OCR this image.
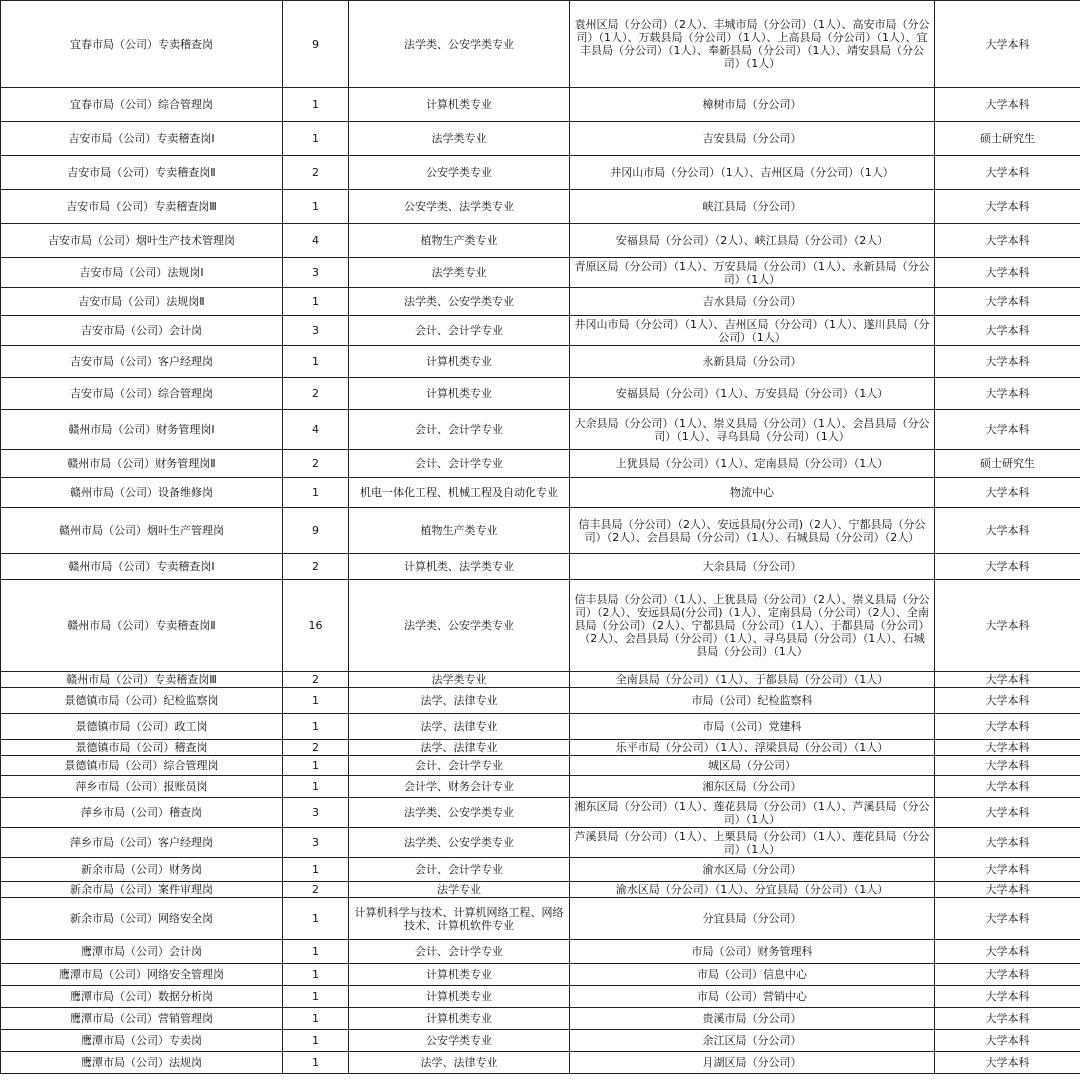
宜春市局（公司）专卖稽查岗	9	法学类、公安学类专业	袁州区局（分公司）（2人）、丰城市局（分公司）（1人）、高安市局（分公司）（1人）、万载县局（分公司）（1人）、上高县局（分公司）（1人）、宜丰县局（分公司）（1人）、奉新县局（分公司）（1人）、靖安县局（分公司）（1人）	大学本科
宜春市局（公司）综合管理岗	1	计算机类专业	樟树市局（分公司）	大学本科
吉安市局（公司）专卖稽查岗Ⅰ	1	法学类专业	吉安县局（分公司）	硕士研究生
吉安市局（公司）专卖稽查岗Ⅱ	2	公安学类专业	井冈山市局（分公司）（1人）、吉州区局（分公司）（1人）	大学本科
吉安市局（公司）专卖稽查岗Ⅲ	1	公安学类、法学类专业	峡江县局（分公司）	大学本科
吉安市局（公司）烟叶生产技术管理岗	4	植物生产类专业	安福县局（分公司）（2人）、峡江县局（分公司）（2人）	大学本科
吉安市局（公司）法规岗Ⅰ	3	法学类专业	青原区局（分公司）（1人）、万安县局（分公司）（1人）、永新县局（分公司）（1人）	大学本科
吉安市局（公司）法规岗Ⅱ	1	法学类、公安学类专业	吉水县局（分公司）	大学本科
吉安市局（公司）会计岗	3	会计、会计学专业	井冈山市局（分公司）（1人）、吉州区局（分公司）（1人）、遂川县局（分公司）（1人）	大学本科
吉安市局（公司）客户经理岗	1	计算机类专业	永新县局（分公司）	大学本科
吉安市局（公司）综合管理岗	2	计算机类专业	安福县局（分公司）（1人）、万安县局（分公司）（1人）	大学本科
赣州市局（公司）财务管理岗Ⅰ	4	会计、会计学专业	大余县局（分公司）（1人）、崇义县局（分公司）（1人）、会昌县局（分公司）（1人）、寻乌县局（分公司）（1人）	大学本科
赣州市局（公司）财务管理岗Ⅱ	2	会计、会计学专业	上犹县局（分公司）（1人）、定南县局（分公司）（1人）	硕士研究生
赣州市局（公司）设备维修岗	1	机电一体化工程、机械工程及自动化专业	物流中心	大学本科
赣州市局（公司）烟叶生产管理岗	9	植物生产类专业	信丰县局（分公司）（2人）、安远县局(分公司)（2人）、宁都县局（分公司）（2人）、会昌县局（分公司）（1人）、石城县局（分公司）（2人）	大学本科
赣州市局（公司）专卖稽查岗Ⅰ	2	计算机类、法学类专业	大余县局（分公司）	大学本科
赣州市局（公司）专卖稽查岗Ⅱ	16	法学类、公安学类专业	信丰县局（分公司）（1人）、上犹县局（分公司）（2人）、崇义县局（分公司）（2人）、安远县局(分公司)（1人）、定南县局（分公司）（2人）、全南县局（分公司）（2人）、宁都县局（分公司）（1人）、于都县局（分公司）（2人）、会昌县局（分公司）（1人）、寻乌县局（分公司）（1人）、石城县局（分公司）（1人）	大学本科
赣州市局（公司）专卖稽查岗Ⅲ	2	法学类专业	全南县局（分公司）（1人）、于都县局（分公司）（1人）	大学本科
景德镇市局（公司）纪检监察岗	1	法学、法律专业	市局（公司）纪检监察科	大学本科
景德镇市局（公司）政工岗	1	法学、法律专业	市局（公司）党建科	大学本科
景德镇市局（公司）稽查岗	2	法学、法律专业	乐平市局（分公司）（1人）、浮梁县局（分公司）（1人）	大学本科
景德镇市局（公司）综合管理岗	1	会计、会计学专业	城区局（分公司）	大学本科
萍乡市局（公司）报账员岗	1	会计学、财务会计专业	湘东区局（分公司）	大学本科
萍乡市局（公司）稽查岗	3	法学类、公安学类专业	湘东区局（分公司）（1人）、莲花县局（分公司）（1人）、芦溪县局（分公司）（1人）	大学本科
萍乡市局（公司）客户经理岗	3	法学类、公安学类专业	芦溪县局（分公司）（1人）、上栗县局（分公司）（1人）、莲花县局（分公司）（1人）	大学本科
新余市局（公司）财务岗	1	会计、会计学专业	渝水区局（分公司）	大学本科
新余市局（公司）案件审理岗	2	法学专业	渝水区局（分公司）（1人）、分宜县局（分公司）（1人）	大学本科
新余市局（公司）网络安全岗	1	计算机科学与技术、计算机网络工程、网络技术、计算机软件专业	分宜县局（分公司）	大学本科
鹰潭市局（公司）会计岗	1	会计、会计学专业	市局（公司）财务管理科	大学本科
鹰潭市局（公司）网络安全管理岗	1	计算机类专业	市局（公司）信息中心	大学本科
鹰潭市局（公司）数据分析岗	1	计算机类专业	市局（公司）营销中心	大学本科
鹰潭市局（公司）营销管理岗	1	计算机类专业	贵溪市局（分公司）	大学本科
鹰潭市局（公司）专卖岗	1	公安学类专业	余江区局（分公司）	大学本科
鹰潭市局（公司）法规岗	1	法学、法律专业	月湖区局（分公司）	大学本科
